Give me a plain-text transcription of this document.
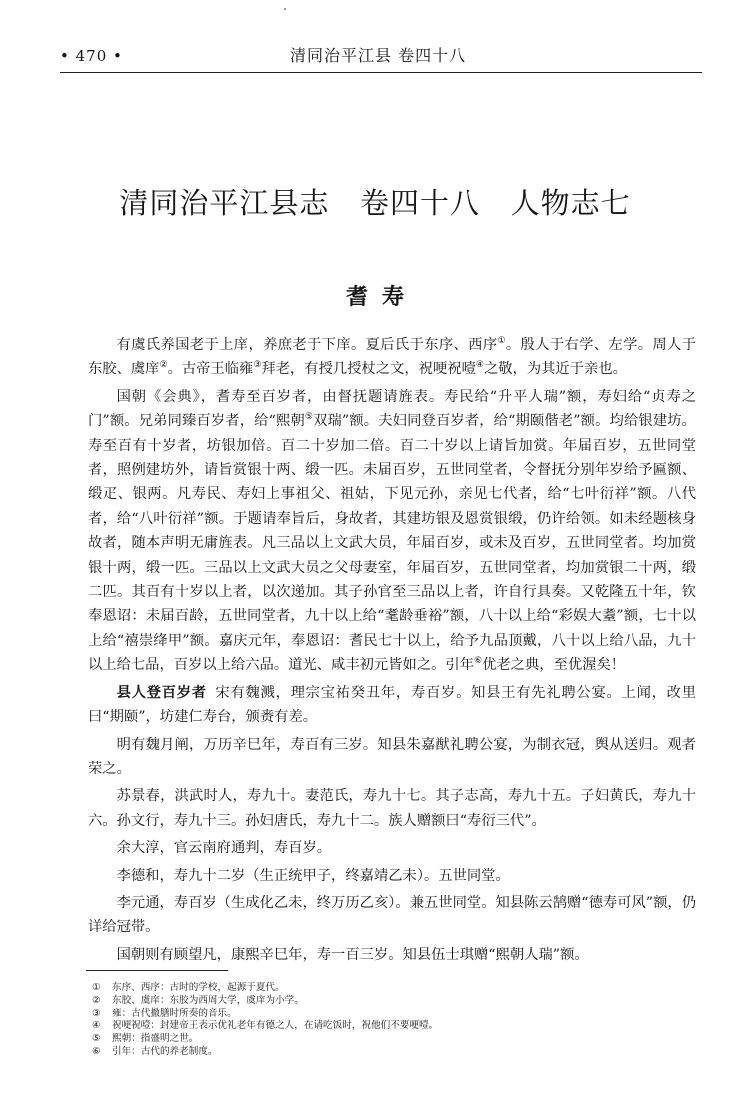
• 470 •	清同治平江县 卷四十八
清同治平江县志   卷四十八   人物志七
耆寿

有虞氏养国老于上庠，养庶老于下庠。夏后氏于东序、西序①。殷人于右学、左学。周人于东胶、虞庠②。古帝王临雍③拜老，有授几授杖之文，祝哽祝噎④之敬，为其近于亲也。

国朝《会典》，耆寿至百岁者，由督抚题请旌表。寿民给“升平人瑞”额，寿妇给“贞寿之门”额。兄弟同臻百岁者，给“熙朝⑤双瑞”额。夫妇同登百岁者，给“期颐偕老”额。均给银建坊。寿至百有十岁者，坊银加倍。百二十岁加二倍。百二十岁以上请旨加赏。年届百岁，五世同堂者，照例建坊外，请旨赏银十两、缎一匹。未届百岁，五世同堂者，令督抚分别年岁给予匾额、缎疋、银两。凡寿民、寿妇上事祖父、祖姑，下见元孙，亲见七代者，给“七叶衍祥”额。八代者，给“八叶衍祥”额。于题请奉旨后，身故者，其建坊银及恩赏银缎，仍许给领。如未经题核身故者，随本声明无庸旌表。凡三品以上文武大员，年届百岁，或未及百岁，五世同堂者。均加赏银十两，缎一匹。三品以上文武大员之父母妻室，年届百岁，五世同堂者，均加赏银二十两，缎二匹。其百有十岁以上者，以次递加。其子孙官至三品以上者，许自行具奏。又乾隆五十年，钦奉恩诏：未届百龄，五世同堂者，九十以上给“耄龄垂裕”额，八十以上给“彩娱大耋”额，七十以上给“禧崇绛甲”额。嘉庆元年，奉恩诏：耆民七十以上，给予九品顶戴，八十以上给八品，九十以上给七品，百岁以上给六品。道光、咸丰初元皆如之。引年⑥优老之典，至优渥矣！

县人登百岁者 宋有魏溅，理宗宝祐癸丑年，寿百岁。知县王有先礼聘公宴。上闻，改里曰“期颐”，坊建仁寿台，颁赉有差。

明有魏月阐，万历辛巳年，寿百有三岁。知县朱嘉猷礼聘公宴，为制衣冠，舆从送归。观者荣之。

苏景春，洪武时人，寿九十。妻范氏，寿九十七。其子志高，寿九十五。子妇黄氏，寿九十六。孙文行，寿九十三。孙妇唐氏，寿九十二。族人赠额曰“寿衍三代”。

余大淳，官云南府通判，寿百岁。

李德和，寿九十二岁（生正统甲子，终嘉靖乙未）。五世同堂。

李元通，寿百岁（生成化乙未，终万历乙亥）。兼五世同堂。知县陈云鹄赠“德寿可风”额，仍详给冠带。

国朝则有顾望凡，康熙辛巳年，寿一百三岁。知县伍士琪赠“熙朝人瑞”额。

① 东序、西序：古时的学校，起源于夏代。
② 东胶、虞庠：东胶为西周大学，虞庠为小学。
③ 雍：古代撤膳时所奏的音乐。
④ 祝哽祝噎：封建帝王表示优礼老年有德之人，在请吃饭时，祝他们不要哽噎。
⑤ 熙朝：指盛明之世。
⑥ 引年：古代的养老制度。
